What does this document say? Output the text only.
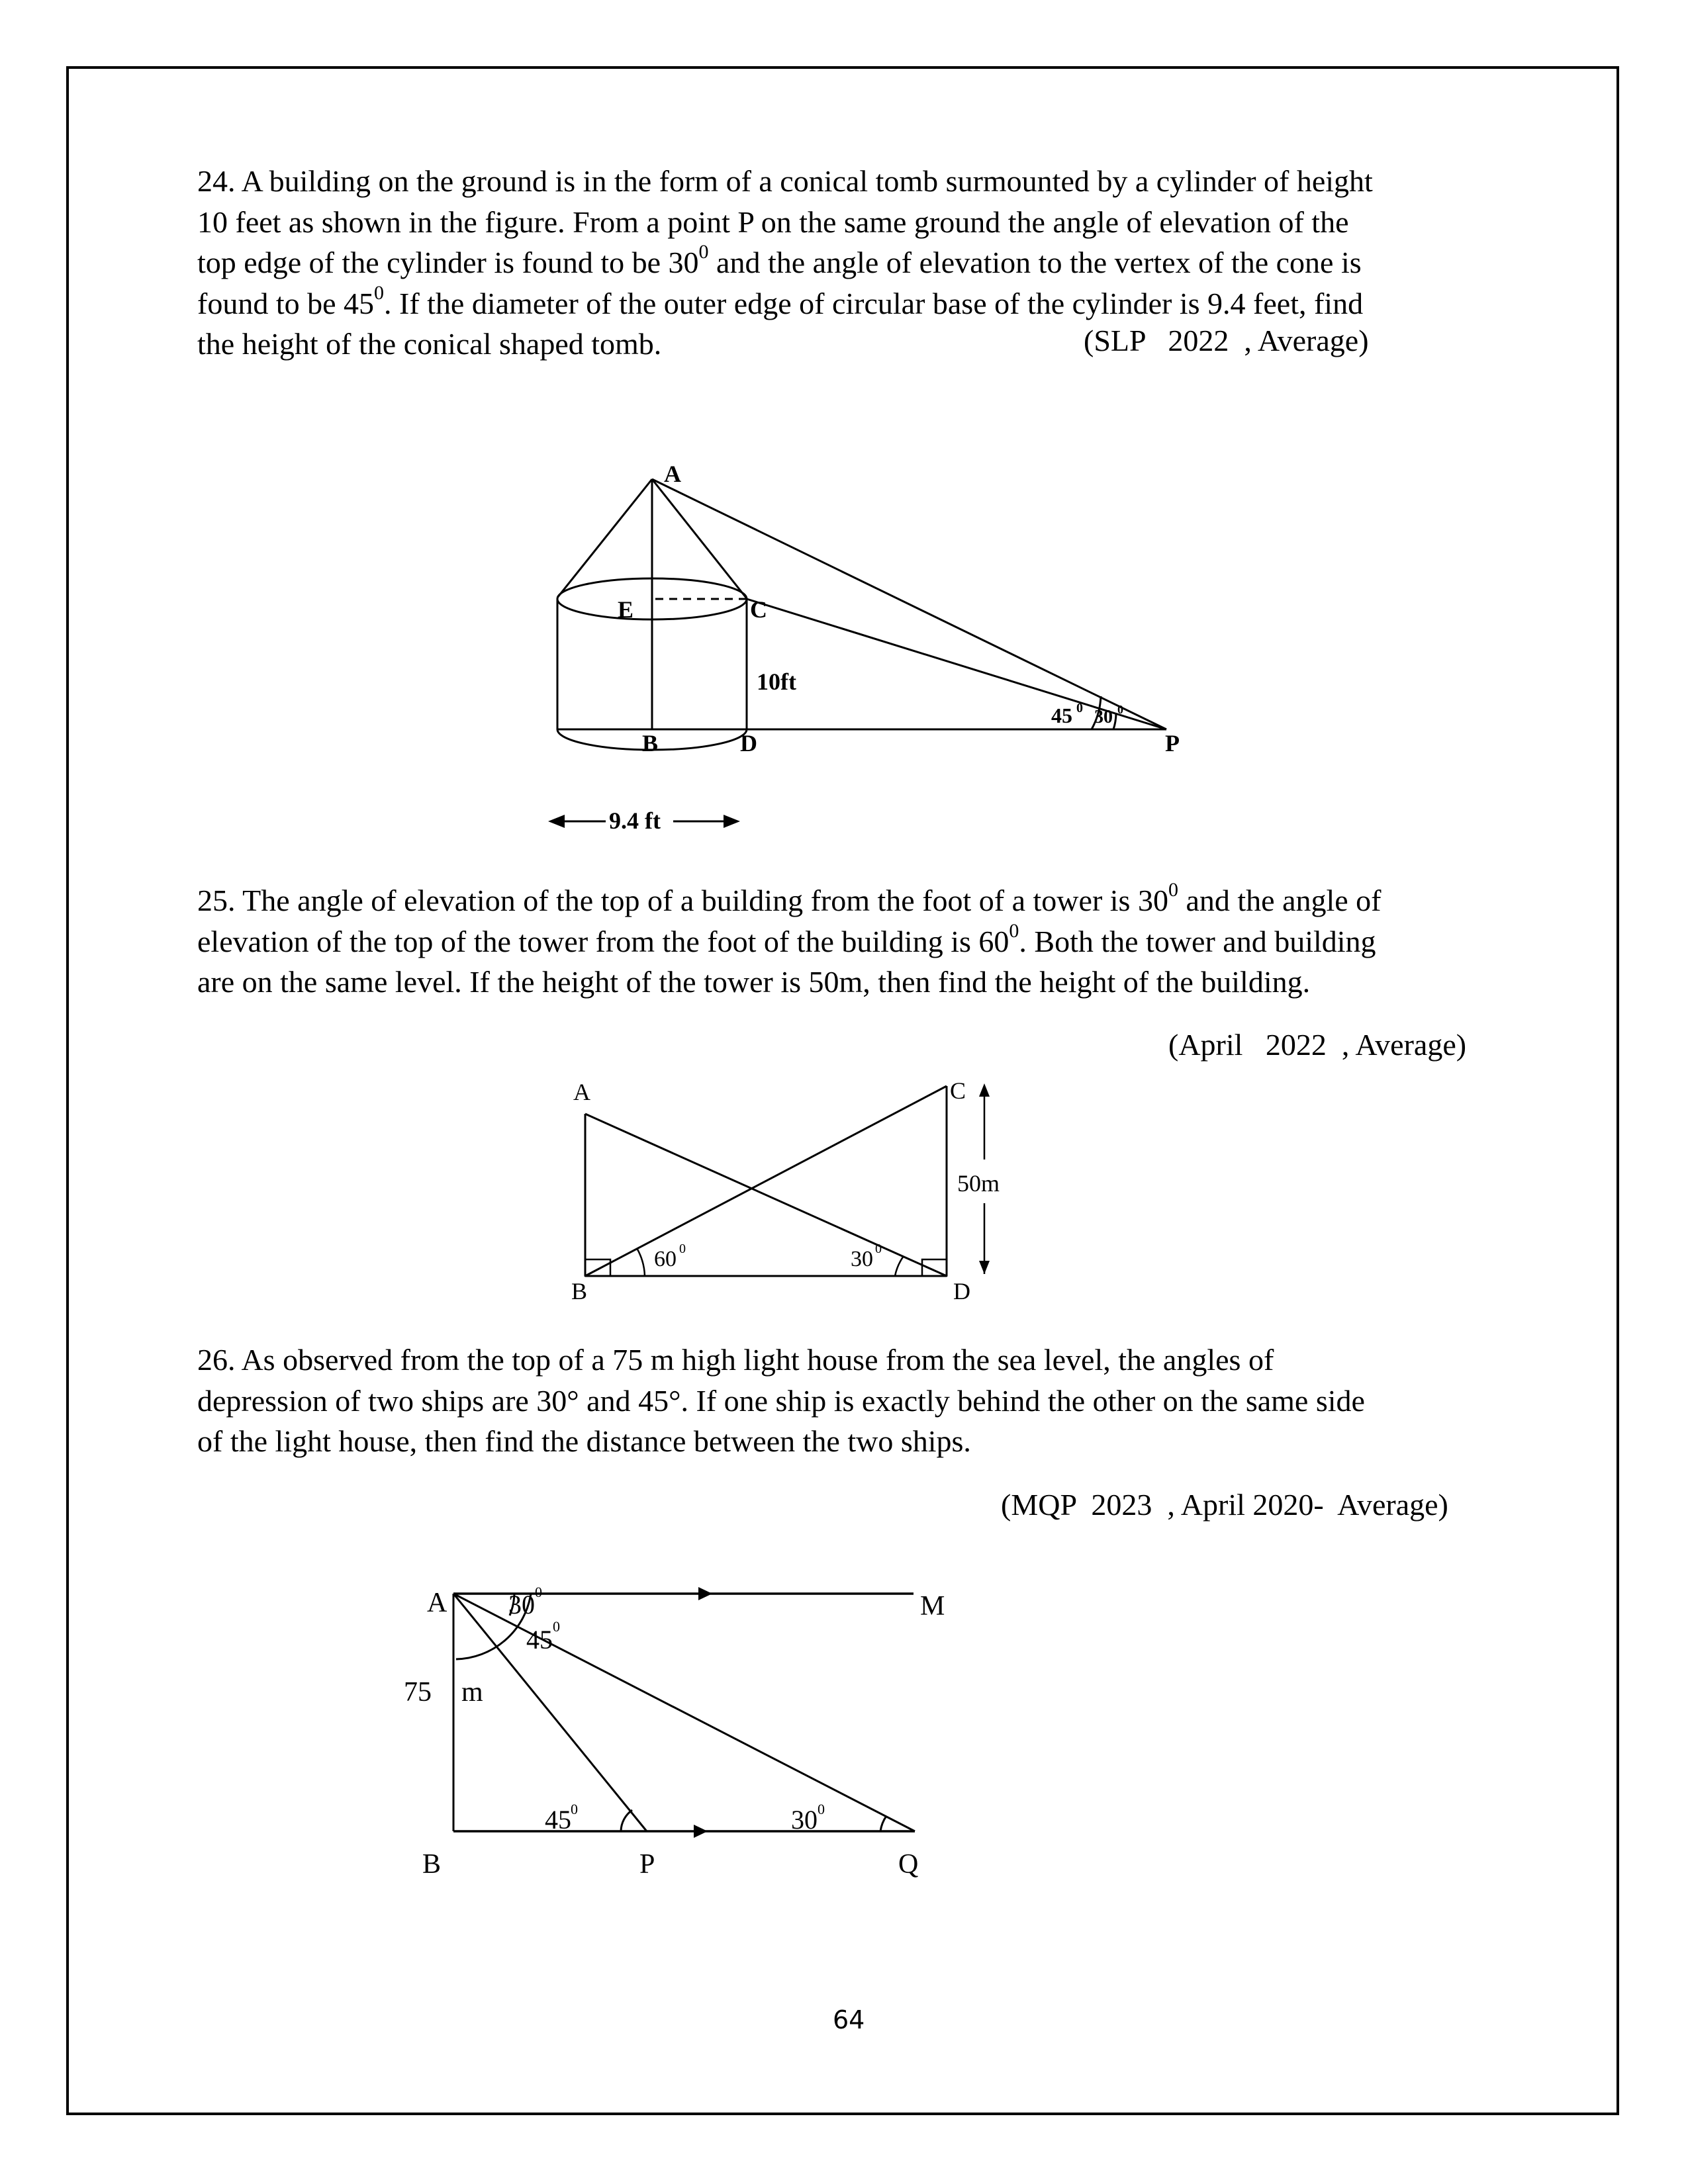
24. A building on the ground is in the form of a conical tomb surmounted by a cylinder of height
10 feet as shown in the figure. From a point P on the same ground the angle of elevation of the
top edge of the cylinder is found to be $30^0$ and the angle of elevation to the vertex of the cone is
found to be $45^0$. If the diameter of the outer edge of circular base of the cylinder is 9.4 feet, find
the height of the conical shaped tomb.	(SLP   2022  , Average)
A
E	C
10ft
B	D	P
9.4 ft
45 0 30 0
25. The angle of elevation of the top of a building from the foot of a tower is $30^0$ and the angle of
elevation of the top of the tower from the foot of the building is $60^0$. Both the tower and building
are on the same level. If the height of the tower is 50m, then find the height of the building.
(April   2022  , Average)
A	C
B	D
50m
60 0	30 0
26. As observed from the top of a 75 m high light house from the sea level, the angles of
depression of two ships are 30° and 45°. If one ship is exactly behind the other on the same side
of the light house, then find the distance between the two ships.
(MQP  2023  , April 2020-  Average)
A	M
B	P	Q
75 m
30 0
45 0
45 0	30 0
64
